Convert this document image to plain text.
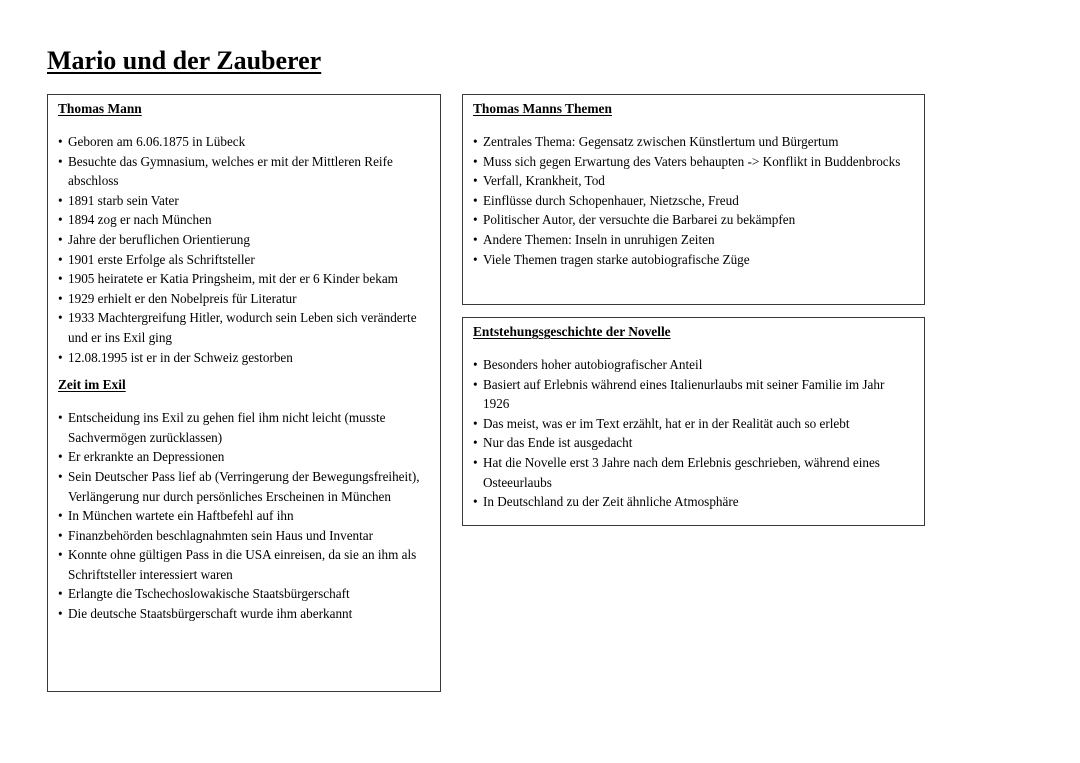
Mario und der Zauberer
Thomas Mann
• Geboren am 6.06.1875 in Lübeck
• Besuchte das Gymnasium, welches er mit der Mittleren Reife abschloss
• 1891 starb sein Vater
• 1894 zog er nach München
• Jahre der beruflichen Orientierung
• 1901 erste Erfolge als Schriftsteller
• 1905 heiratete er Katia Pringsheim, mit der er 6 Kinder bekam
• 1929 erhielt er den Nobelpreis für Literatur
• 1933 Machtergreifung Hitler, wodurch sein Leben sich veränderte und er ins Exil ging
• 12.08.1995 ist er in der Schweiz gestorben
Zeit im Exil
• Entscheidung ins Exil zu gehen fiel ihm nicht leicht (musste Sachvermögen zurücklassen)
• Er erkrankte an Depressionen
• Sein Deutscher Pass lief ab (Verringerung der Bewegungsfreiheit), Verlängerung nur durch persönliches Erscheinen in München
• In München wartete ein Haftbefehl auf ihn
• Finanzbehörden beschlagnahmten sein Haus und Inventar
• Konnte ohne gültigen Pass in die USA einreisen, da sie an ihm als Schriftsteller interessiert waren
• Erlangte die Tschechoslowakische Staatsbürgerschaft
• Die deutsche Staatsbürgerschaft wurde ihm aberkannt
Thomas Manns Themen
• Zentrales Thema: Gegensatz zwischen Künstlertum und Bürgertum
• Muss sich gegen Erwartung des Vaters behaupten -> Konflikt in Buddenbrocks
• Verfall, Krankheit, Tod
• Einflüsse durch Schopenhauer, Nietzsche, Freud
• Politischer Autor, der versuchte die Barbarei zu bekämpfen
• Andere Themen: Inseln in unruhigen Zeiten
• Viele Themen tragen starke autobiografische Züge
Entstehungsgeschichte der Novelle
• Besonders hoher autobiografischer Anteil
• Basiert auf Erlebnis während eines Italienurlaubs mit seiner Familie im Jahr 1926
• Das meist, was er im Text erzählt, hat er in der Realität auch so erlebt
• Nur das Ende ist ausgedacht
• Hat die Novelle erst 3 Jahre nach dem Erlebnis geschrieben, während eines Osteeurlaubs
• In Deutschland zu der Zeit ähnliche Atmosphäre
